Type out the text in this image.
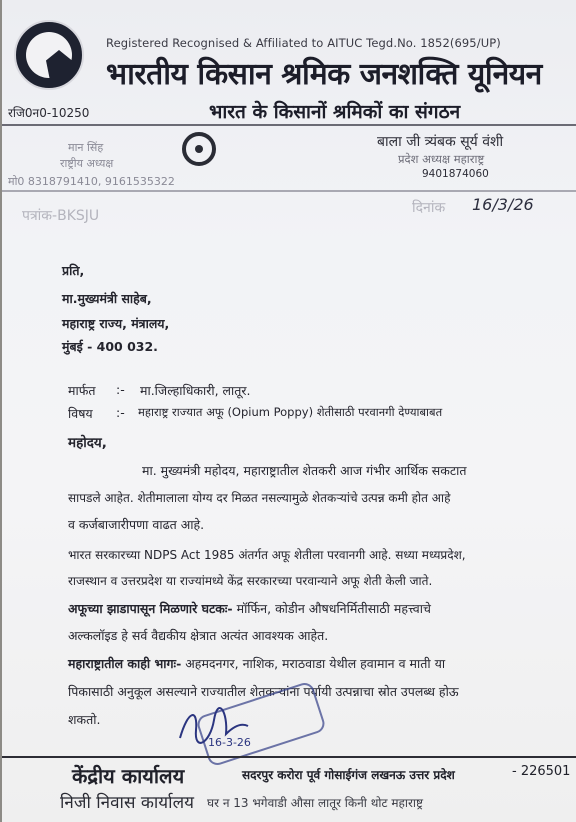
Registered Recognised & Affiliated to AITUC Tegd.No. 1852(695/UP)
भारतीय किसान श्रमिक जनशक्ति यूनियन
रजि0न0-10250	भारत के किसानों श्रमिकों का संगठन
मान सिंह
राष्ट्रीय अध्यक्ष
मो0 8318791410, 9161535322
बाला जी त्र्यंबक सूर्य वंशी
प्रदेश अध्यक्ष महाराष्ट्र
9401874060
पत्रांक-BKSJU	दिनांक 16/3/26
प्रति,
मा.मुख्यमंत्री साहेब,
महाराष्ट्र राज्य, मंत्रालय,
मुंबई - 400 032.
मार्फत :- मा.जिल्हाधिकारी, लातूर.
विषय :- महाराष्ट्र राज्यात अफू (Opium Poppy) शेतीसाठी परवानगी देण्याबाबत
महोदय,
मा. मुख्यमंत्री महोदय, महाराष्ट्रातील शेतकरी आज गंभीर आर्थिक सकटात
सापडले आहेत. शेतीमालाला योग्य दर मिळत नसल्यामुळे शेतकऱ्यांचे उत्पन्न कमी होत आहे
व कर्जबाजारीपणा वाढत आहे.
भारत सरकारच्या NDPS Act 1985 अंतर्गत अफू शेतीला परवानगी आहे. सध्या मध्यप्रदेश,
राजस्थान व उत्तरप्रदेश या राज्यांमध्ये केंद्र सरकारच्या परवान्याने अफू शेती केली जाते.
अफूच्या झाडापासून मिळणारे घटकः- मॉर्फिन, कोडीन औषधनिर्मितीसाठी महत्त्वाचे
अल्कलॉइड हे सर्व वैद्यकीय क्षेत्रात अत्यंत आवश्यक आहेत.
महाराष्ट्रातील काही भागः- अहमदनगर, नाशिक, मराठवाडा येथील हवामान व माती या
पिकासाठी अनुकूल असल्याने राज्यातील शेतकऱ्यांना पर्यायी उत्पन्नाचा स्रोत उपलब्ध होऊ
शकतो.
16-3-26
केंद्रीय कार्यालय	सदरपुर करोरा पूर्व गोसाईगंज लखनऊ उत्तर प्रदेश	- 226501
निजी निवास कार्यालय घर न 13 भगेवाडी औसा लातूर किनी थोट महाराष्ट्र
